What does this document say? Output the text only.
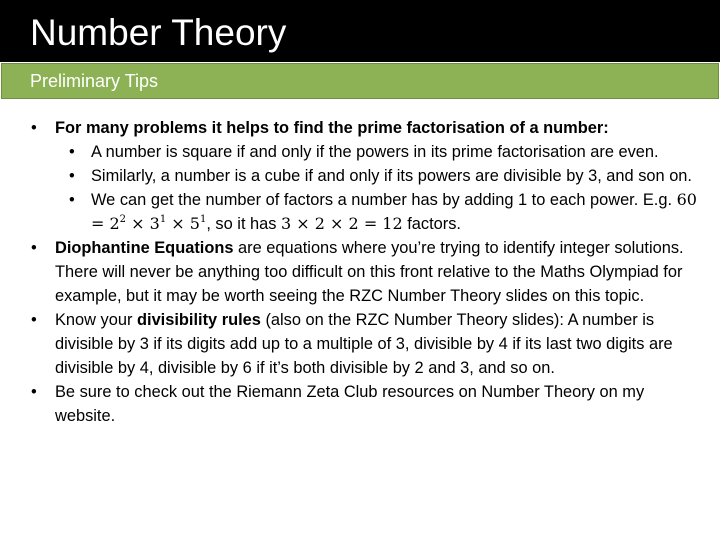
Number Theory
Preliminary Tips
• For many problems it helps to find the prime factorisation of a number:
• A number is square if and only if the powers in its prime factorisation are even.
• Similarly, a number is a cube if and only if its powers are divisible by 3, and son on.
• We can get the number of factors a number has by adding 1 to each power. E.g. $60 = 2^2 \times 3^1 \times 5^1$, so it has 3 × 2 × 2 = 12 factors.
• Diophantine Equations are equations where you’re trying to identify integer solutions. There will never be anything too difficult on this front relative to the Maths Olympiad for example, but it may be worth seeing the RZC Number Theory slides on this topic.
• Know your divisibility rules (also on the RZC Number Theory slides): A number is divisible by 3 if its digits add up to a multiple of 3, divisible by 4 if its last two digits are divisible by 4, divisible by 6 if it’s both divisible by 2 and 3, and so on.
• Be sure to check out the Riemann Zeta Club resources on Number Theory on my website.
